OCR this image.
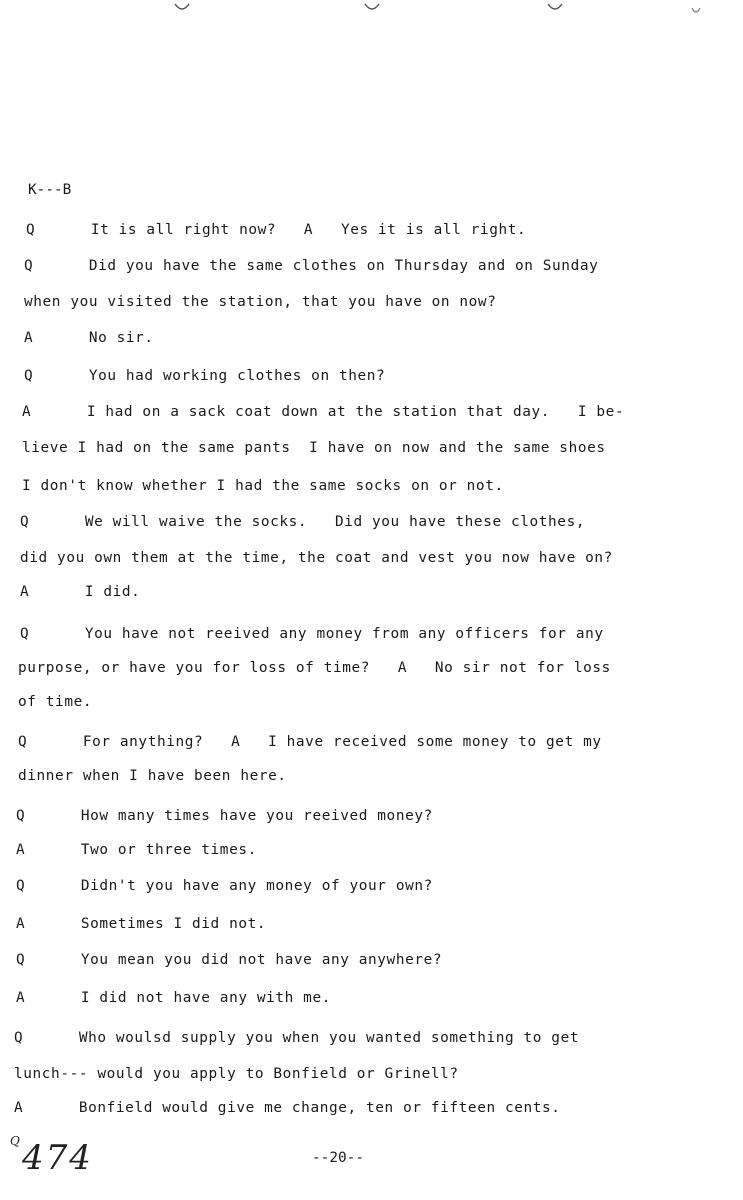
K---B
Q      It is all right now?   A   Yes it is all right.
Q      Did you have the same clothes on Thursday and on Sunday
when you visited the station, that you have on now?
A      No sir.
Q      You had working clothes on then?
A      I had on a sack coat down at the station that day.   I be-
lieve I had on the same pants  I have on now and the same shoes
I don't know whether I had the same socks on or not.
Q      We will waive the socks.   Did you have these clothes,
did you own them at the time, the coat and vest you now have on?
A      I did.
Q      You have not reeived any money from any officers for any
purpose, or have you for loss of time?   A   No sir not for loss
of time.
Q      For anything?   A   I have received some money to get my
dinner when I have been here.
Q      How many times have you reeived money?
A      Two or three times.
Q      Didn't you have any money of your own?
A      Sometimes I did not.
Q      You mean you did not have any anywhere?
A      I did not have any with me.
Q      Who woulsd supply you when you wanted something to get
lunch--- would you apply to Bonfield or Grinell?
A      Bonfield would give me change, ten or fifteen cents.
Q 474	--20--
